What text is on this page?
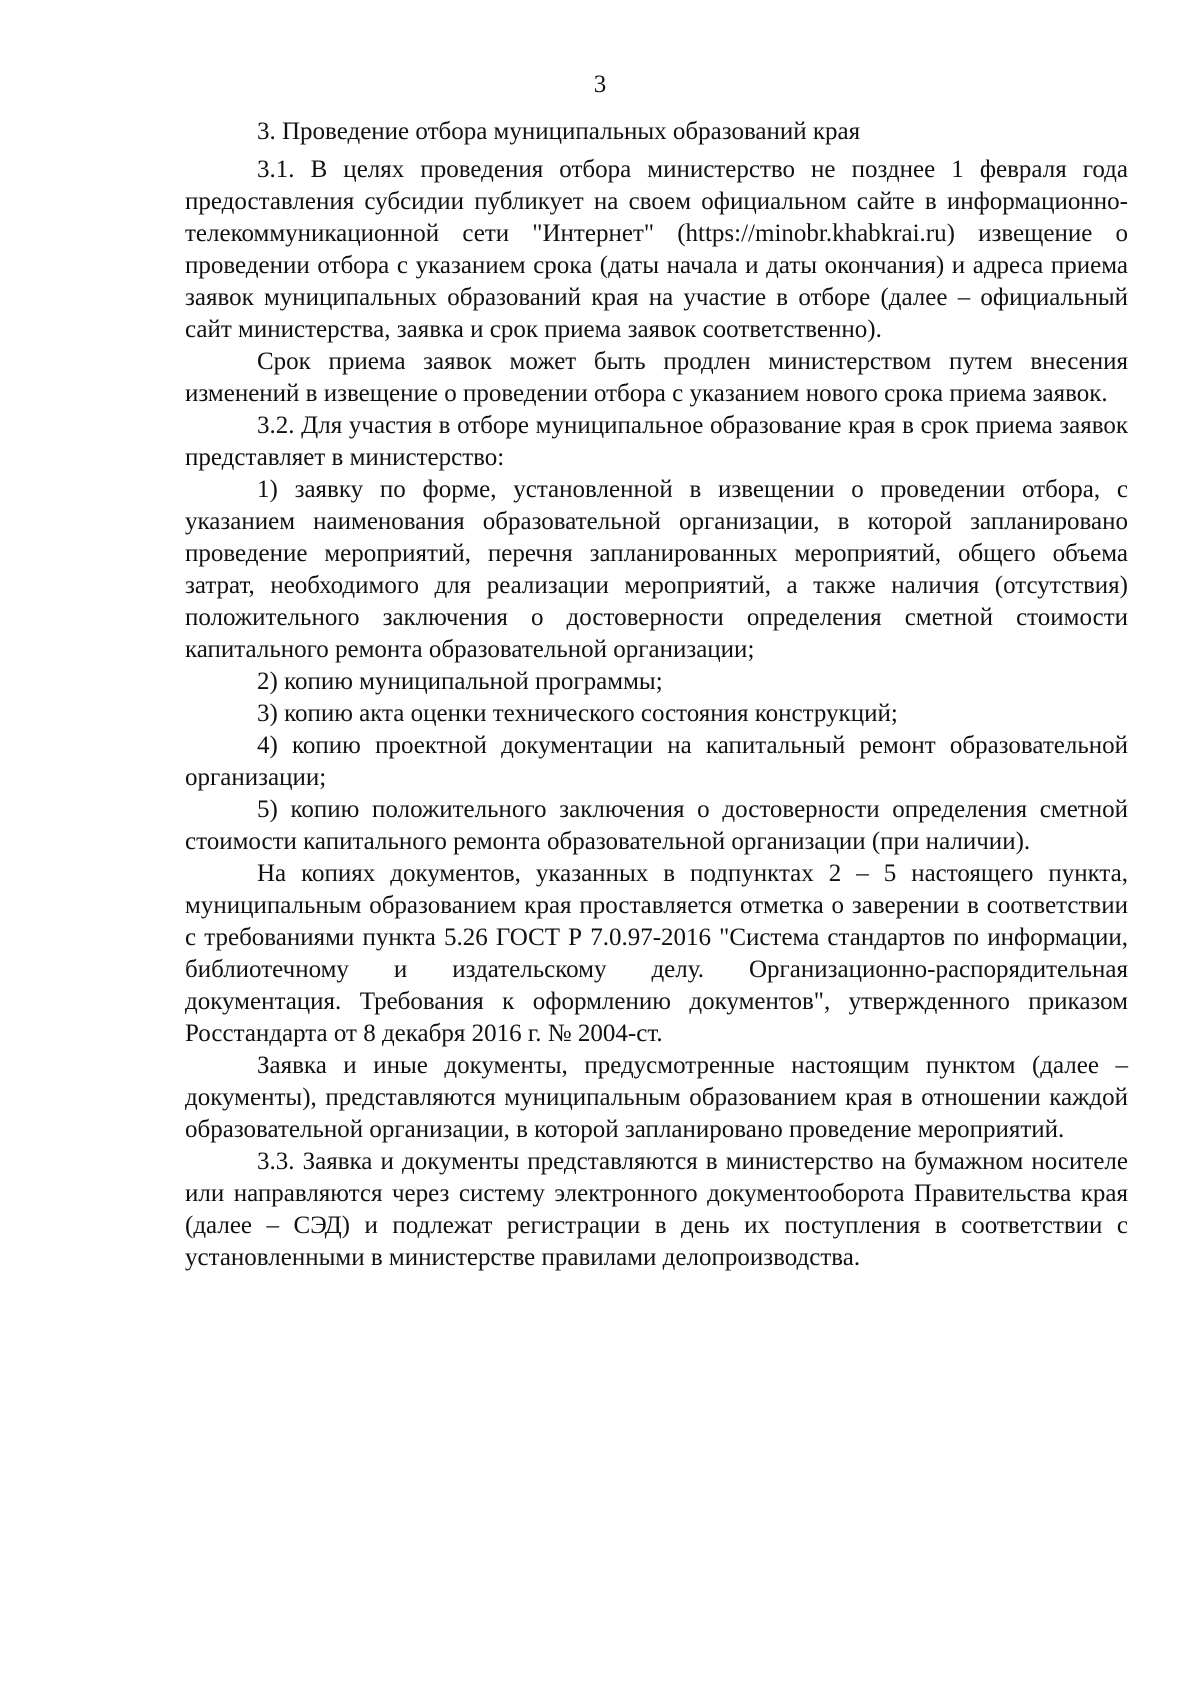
3

3. Проведение отбора муниципальных образований края

3.1. В целях проведения отбора министерство не позднее 1 февраля года предоставления субсидии публикует на своем официальном сайте в информационно-телекоммуникационной сети "Интернет" (https://minobr.khabkrai.ru) извещение о проведении отбора с указанием срока (даты начала и даты окончания) и адреса приема заявок муниципальных образований края на участие в отборе (далее – официальный сайт министерства, заявка и срок приема заявок соответственно).

Срок приема заявок может быть продлен министерством путем внесения изменений в извещение о проведении отбора с указанием нового срока приема заявок.

3.2. Для участия в отборе муниципальное образование края в срок приема заявок представляет в министерство:

1) заявку по форме, установленной в извещении о проведении отбора, с указанием наименования образовательной организации, в которой запланировано проведение мероприятий, перечня запланированных мероприятий, общего объема затрат, необходимого для реализации мероприятий, а также наличия (отсутствия) положительного заключения о достоверности определения сметной стоимости капитального ремонта образовательной организации;

2) копию муниципальной программы;

3) копию акта оценки технического состояния конструкций;

4) копию проектной документации на капитальный ремонт образовательной организации;

5) копию положительного заключения о достоверности определения сметной стоимости капитального ремонта образовательной организации (при наличии).

На копиях документов, указанных в подпунктах 2 – 5 настоящего пункта, муниципальным образованием края проставляется отметка о заверении в соответствии с требованиями пункта 5.26 ГОСТ Р 7.0.97-2016 "Система стандартов по информации, библиотечному и издательскому делу. Организационно-распорядительная документация. Требования к оформлению документов", утвержденного приказом Росстандарта от 8 декабря 2016 г. № 2004-ст.

Заявка и иные документы, предусмотренные настоящим пунктом (далее – документы), представляются муниципальным образованием края в отношении каждой образовательной организации, в которой запланировано проведение мероприятий.

3.3. Заявка и документы представляются в министерство на бумажном носителе или направляются через систему электронного документооборота Правительства края (далее – СЭД) и подлежат регистрации в день их поступления в соответствии с установленными в министерстве правилами делопроизводства.
